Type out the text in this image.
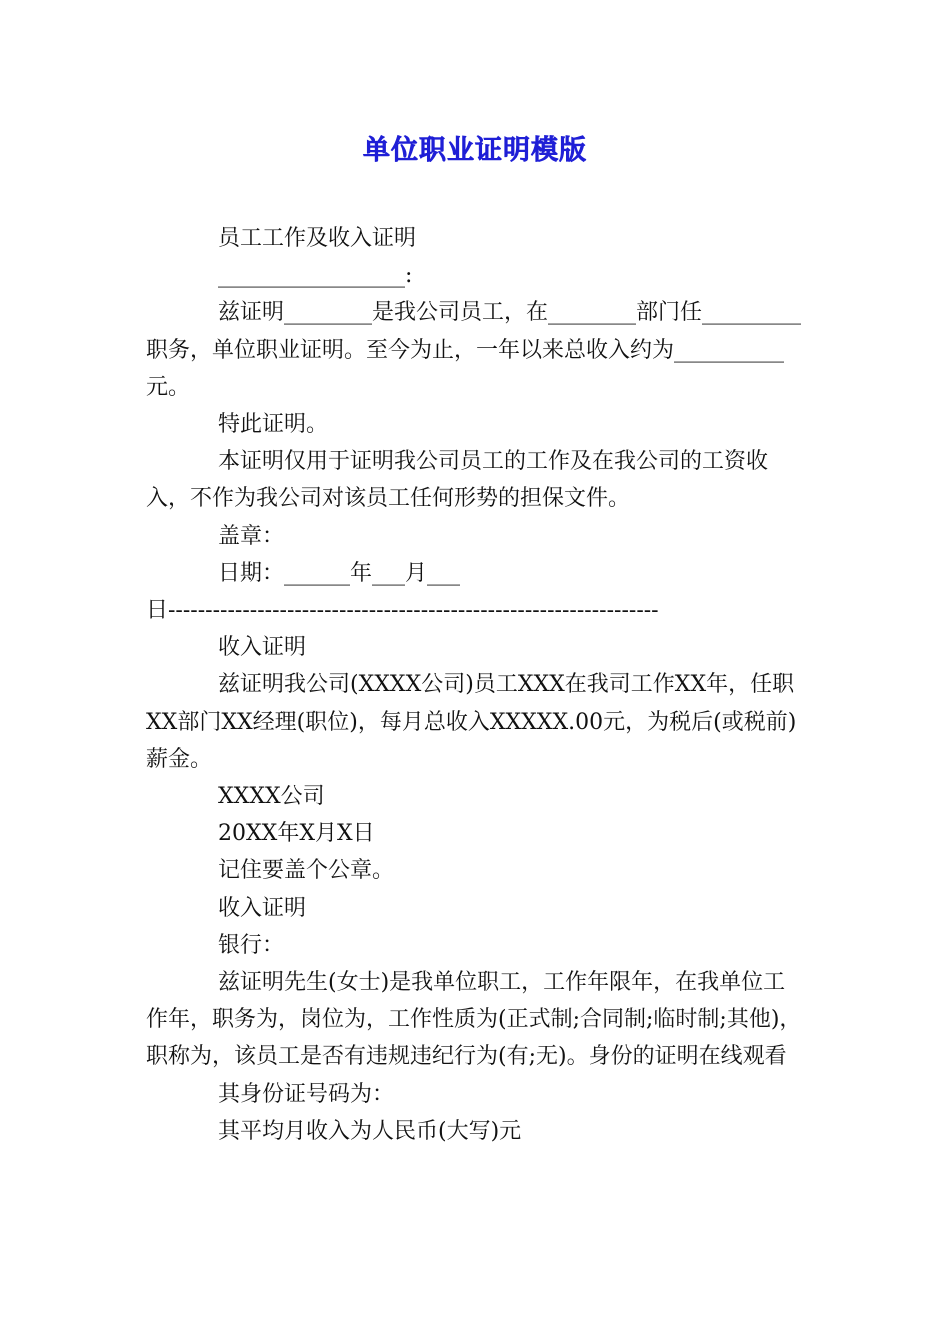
单位职业证明模版

员工工作及收入证明

_________________:

兹证明________是我公司员工，在________部门任_________职务，单位职业证明。至今为止，一年以来总收入约为__________元。

特此证明。

本证明仅用于证明我公司员工的工作及在我公司的工资收入，不作为我公司对该员工任何形势的担保文件。

盖章：

日期：______年___月___

日------------------------------------------------------------------

收入证明

兹证明我公司(XXXX公司)员工XXX在我司工作XX年，任职XX部门XX经理(职位)，每月总收入XXXXX.00元，为税后(或税前)薪金。

XXXX公司

20XX年X月X日

记住要盖个公章。

收入证明

银行：

兹证明先生(女士)是我单位职工，工作年限年，在我单位工作年，职务为，岗位为，工作性质为(正式制;合同制;临时制;其他)，职称为，该员工是否有违规违纪行为(有;无)。身份的证明在线观看

其身份证号码为：

其平均月收入为人民币(大写)元
